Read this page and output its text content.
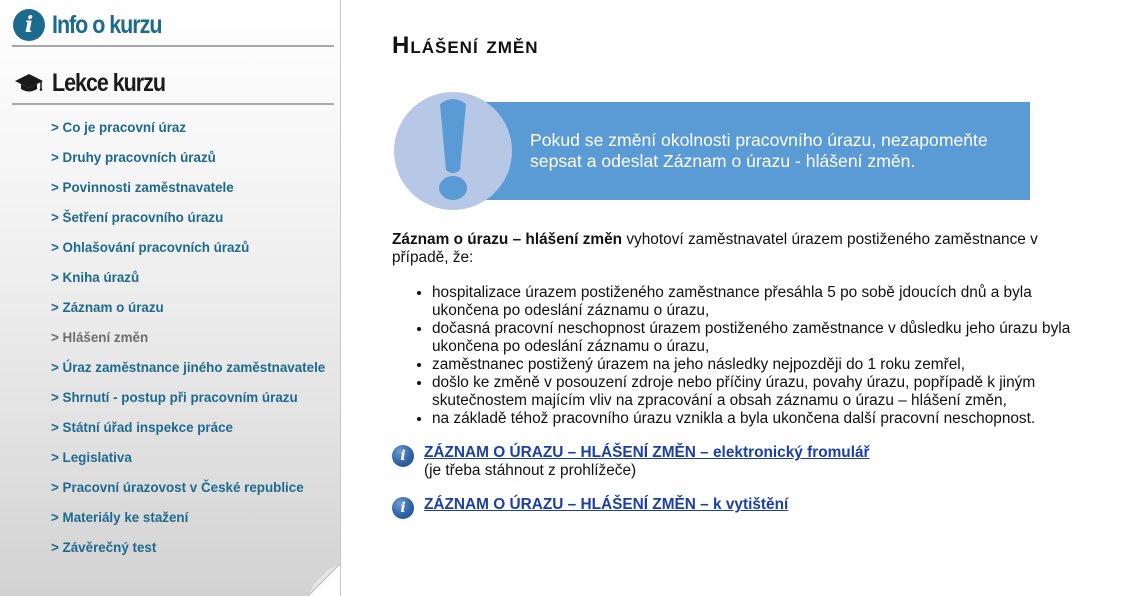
i Info o kurzu
Lekce kurzu
> Co je pracovní úraz
> Druhy pracovních úrazů
> Povinnosti zaměstnavatele
> Šetření pracovního úrazu
> Ohlašování pracovních úrazů
> Kniha úrazů
> Záznam o úrazu
> Hlášení změn
> Úraz zaměstnance jiného zaměstnavatele
> Shrnutí - postup při pracovním úrazu
> Státní úřad inspekce práce
> Legislativa
> Pracovní úrazovost v České republice
> Materiály ke stažení
> Závěrečný test
Hlášení změn
Pokud se změní okolnosti pracovního úrazu, nezapomeňte sepsat a odeslat Záznam o úrazu - hlášení změn.

Záznam o úrazu – hlášení změn vyhotoví zaměstnavatel úrazem postiženého zaměstnance v případě, že:

• hospitalizace úrazem postiženého zaměstnance přesáhla 5 po sobě jdoucích dnů a byla ukončena po odeslání záznamu o úrazu,
• dočasná pracovní neschopnost úrazem postiženého zaměstnance v důsledku jeho úrazu byla ukončena po odeslání záznamu o úrazu,
• zaměstnanec postižený úrazem na jeho následky nejpozději do 1 roku zemřel,
• došlo ke změně v posouzení zdroje nebo příčiny úrazu, povahy úrazu, popřípadě k jiným skutečnostem majícím vliv na zpracování a obsah záznamu o úrazu – hlášení změn,
• na základě téhož pracovního úrazu vznikla a byla ukončena další pracovní neschopnost.
i	ZÁZNAM O ÚRAZU – HLÁŠENÍ ZMĚN – elektronický fromulář
(je třeba stáhnout z prohlížeče)
i	ZÁZNAM O ÚRAZU – HLÁŠENÍ ZMĚN – k vytištění
